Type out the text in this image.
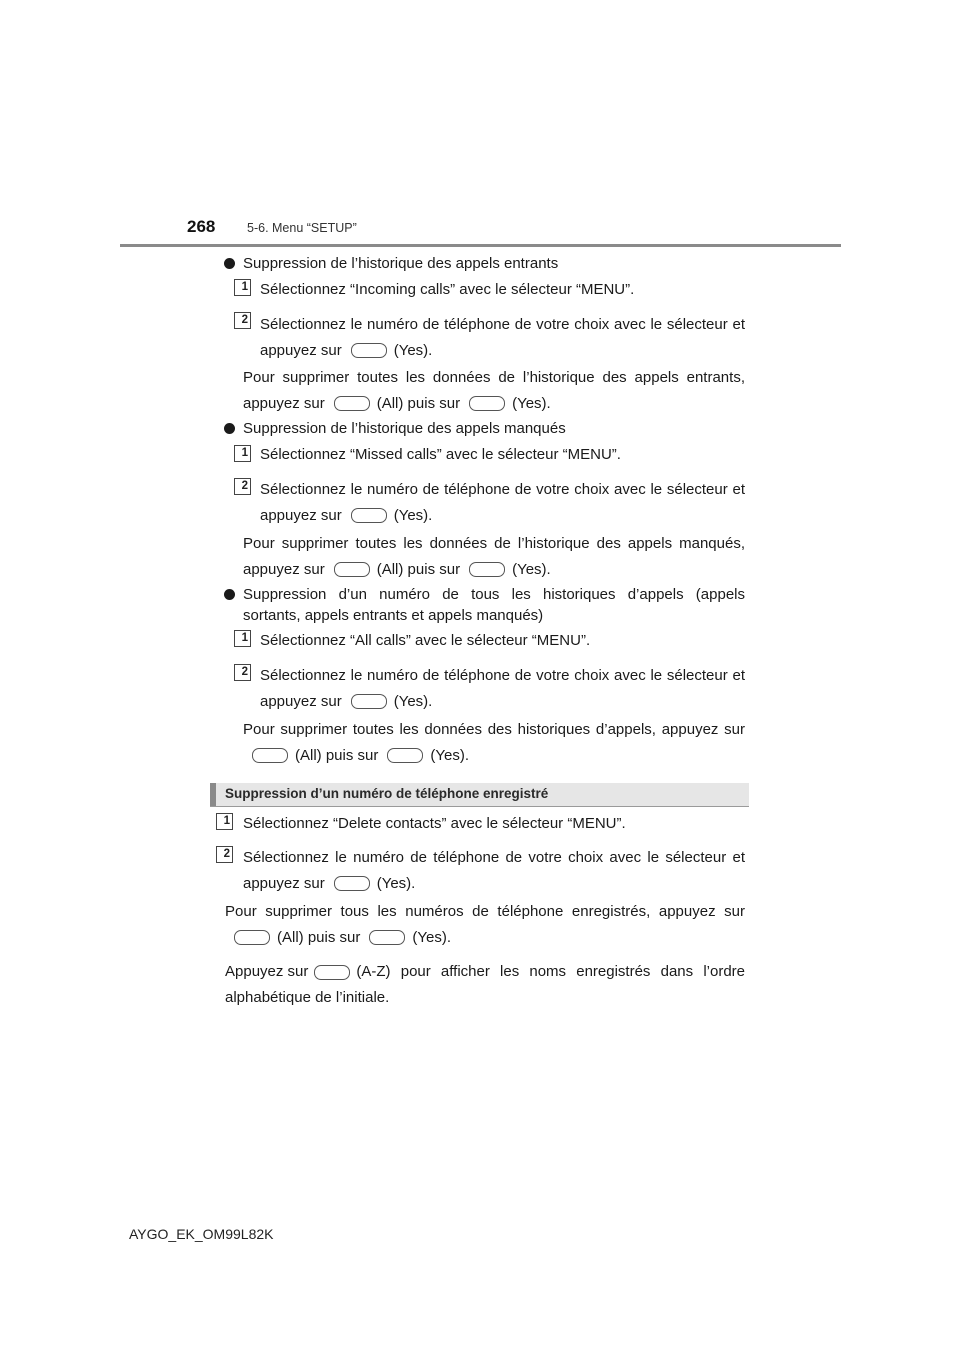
268	5-6. Menu “SETUP”
Suppression de l’historique des appels entrants
1 Sélectionnez “Incoming calls” avec le sélecteur “MENU”.
2 Sélectionnez le numéro de téléphone de votre choix avec le sélecteur et
appuyez sur	(Yes).
Pour supprimer toutes les données de l’historique des appels entrants,
appuyez sur	(All) puis sur	(Yes).
Suppression de l’historique des appels manqués
1 Sélectionnez “Missed calls” avec le sélecteur “MENU”.
2 Sélectionnez le numéro de téléphone de votre choix avec le sélecteur et
appuyez sur	(Yes).
Pour supprimer toutes les données de l’historique des appels manqués,
appuyez sur	(All) puis sur	(Yes).
Suppression d’un numéro de tous les historiques d’appels (appels
sortants, appels entrants et appels manqués)
1 Sélectionnez “All calls” avec le sélecteur “MENU”.
2 Sélectionnez le numéro de téléphone de votre choix avec le sélecteur et
appuyez sur	(Yes).
Pour supprimer toutes les données des historiques d’appels, appuyez sur
(All) puis sur	(Yes).
Suppression d’un numéro de téléphone enregistré
1 Sélectionnez “Delete contacts” avec le sélecteur “MENU”.
2 Sélectionnez le numéro de téléphone de votre choix avec le sélecteur et
appuyez sur	(Yes).
Pour supprimer tous les numéros de téléphone enregistrés, appuyez sur
(All) puis sur	(Yes).
Appuyez sur	(A-Z) pour afficher les noms enregistrés dans l’ordre
alphabétique de l’initiale.
AYGO_EK_OM99L82K
